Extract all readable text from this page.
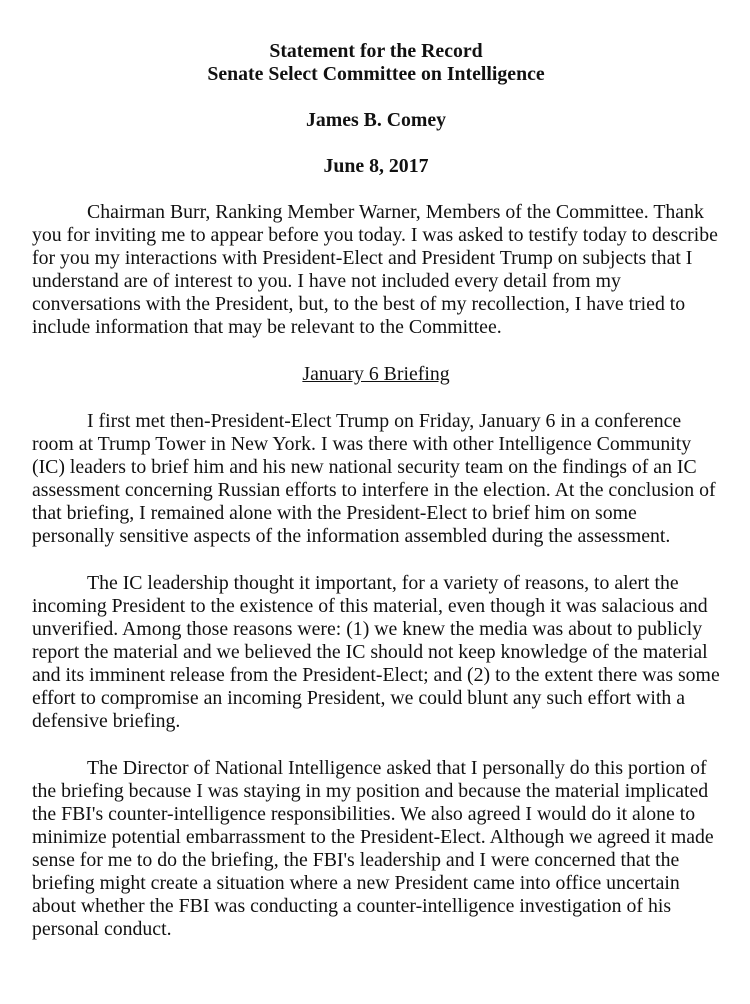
Statement for the Record
Senate Select Committee on Intelligence
James B. Comey
June 8, 2017

Chairman Burr, Ranking Member Warner, Members of the Committee. Thank you for inviting me to appear before you today. I was asked to testify today to describe for you my interactions with President-Elect and President Trump on subjects that I understand are of interest to you. I have not included every detail from my conversations with the President, but, to the best of my recollection, I have tried to include information that may be relevant to the Committee.

January 6 Briefing

I first met then-President-Elect Trump on Friday, January 6 in a conference room at Trump Tower in New York. I was there with other Intelligence Community (IC) leaders to brief him and his new national security team on the findings of an IC assessment concerning Russian efforts to interfere in the election. At the conclusion of that briefing, I remained alone with the President-Elect to brief him on some personally sensitive aspects of the information assembled during the assessment.

The IC leadership thought it important, for a variety of reasons, to alert the incoming President to the existence of this material, even though it was salacious and unverified. Among those reasons were: (1) we knew the media was about to publicly report the material and we believed the IC should not keep knowledge of the material and its imminent release from the President-Elect; and (2) to the extent there was some effort to compromise an incoming President, we could blunt any such effort with a defensive briefing.

The Director of National Intelligence asked that I personally do this portion of the briefing because I was staying in my position and because the material implicated the FBI's counter-intelligence responsibilities. We also agreed I would do it alone to minimize potential embarrassment to the President-Elect. Although we agreed it made sense for me to do the briefing, the FBI's leadership and I were concerned that the briefing might create a situation where a new President came into office uncertain about whether the FBI was conducting a counter-intelligence investigation of his personal conduct.
